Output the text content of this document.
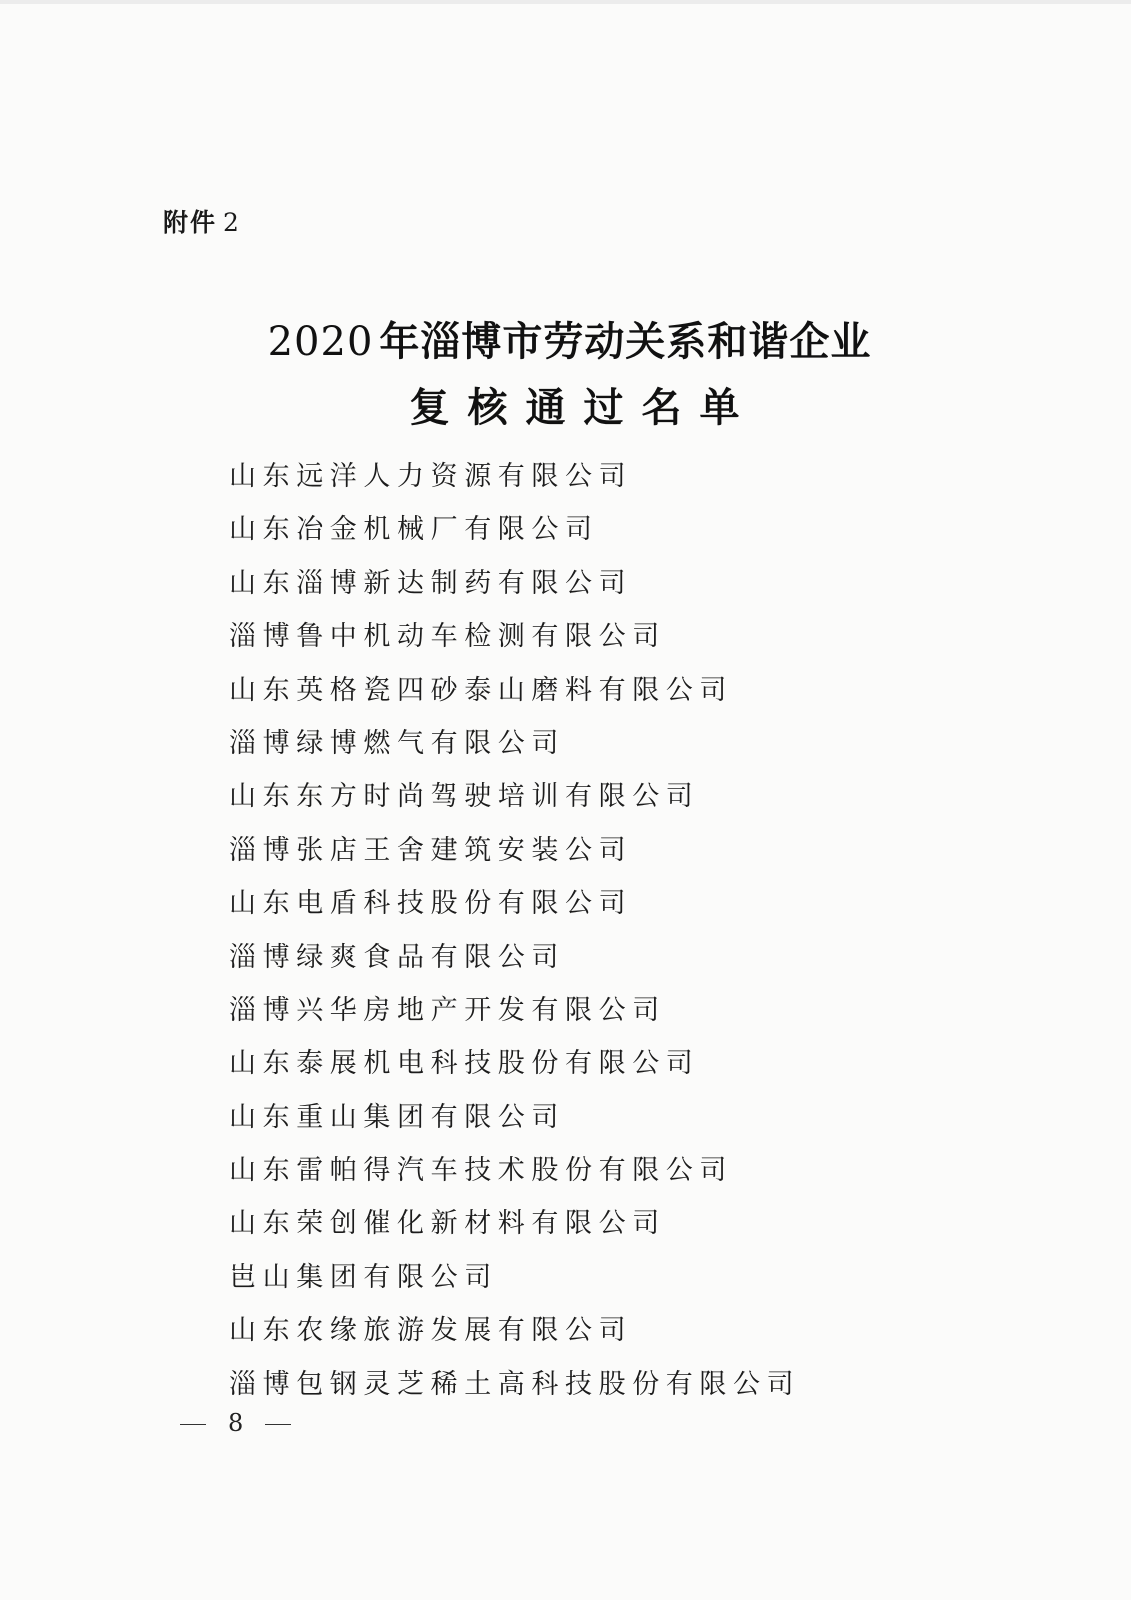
附件 2
2020 年淄博市劳动关系和谐企业
复核通过名单
山东远洋人力资源有限公司
山东冶金机械厂有限公司
山东淄博新达制药有限公司
淄博鲁中机动车检测有限公司
山东英格瓷四砂泰山磨料有限公司
淄博绿博燃气有限公司
山东东方时尚驾驶培训有限公司
淄博张店王舍建筑安装公司
山东电盾科技股份有限公司
淄博绿爽食品有限公司
淄博兴华房地产开发有限公司
山东泰展机电科技股份有限公司
山东重山集团有限公司
山东雷帕得汽车技术股份有限公司
山东荣创催化新材料有限公司
岜山集团有限公司
山东农缘旅游发展有限公司
淄博包钢灵芝稀土高科技股份有限公司
8
